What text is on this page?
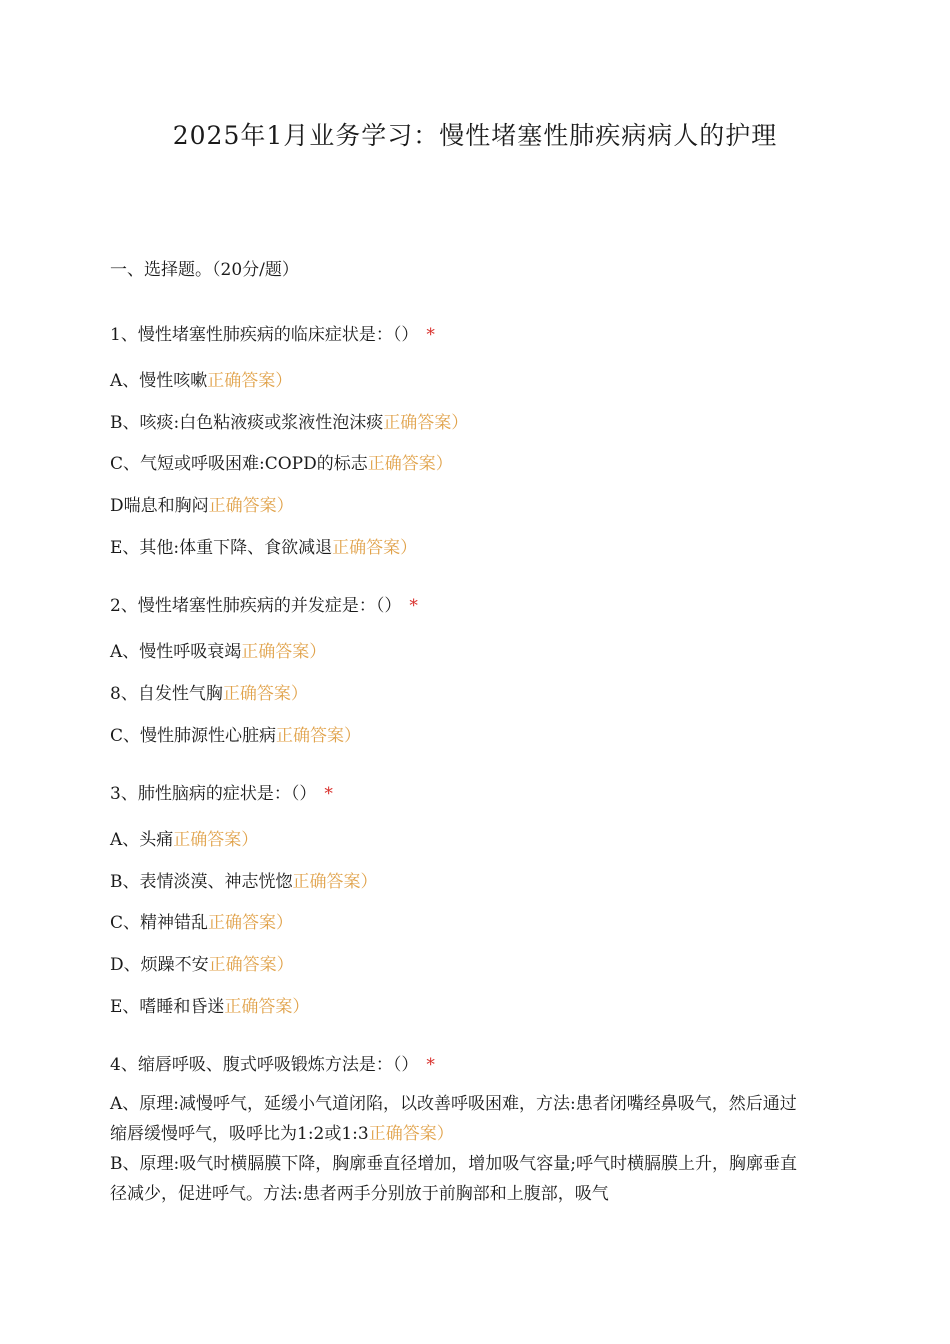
2025年1月业务学习：慢性堵塞性肺疾病病人的护理
一、选择题。（20分/题）
1、慢性堵塞性肺疾病的临床症状是：（） *
A、慢性咳嗽正确答案）
B、咳痰:白色粘液痰或浆液性泡沫痰正确答案）
C、气短或呼吸困难:COPD的标志正确答案）
D喘息和胸闷正确答案）
E、其他:体重下降、食欲减退正确答案）
2、慢性堵塞性肺疾病的并发症是：（） *
A、慢性呼吸衰竭正确答案）
8、自发性气胸正确答案）
C、慢性肺源性心脏病正确答案）
3、肺性脑病的症状是：（） *
A、头痛正确答案）
B、表情淡漠、神志恍惚正确答案）
C、精神错乱正确答案）
D、烦躁不安正确答案）
E、嗜睡和昏迷正确答案）
4、缩唇呼吸、腹式呼吸锻炼方法是：（） *
A、原理:减慢呼气，延缓小气道闭陷，以改善呼吸困难，方法:患者闭嘴经鼻吸气，然后通过缩唇缓慢呼气，吸呼比为1:2或1:3正确答案）
B、原理:吸气时横膈膜下降，胸廓垂直径增加，增加吸气容量;呼气时横膈膜上升，胸廓垂直径减少，促进呼气。方法:患者两手分别放于前胸部和上腹部，吸气
